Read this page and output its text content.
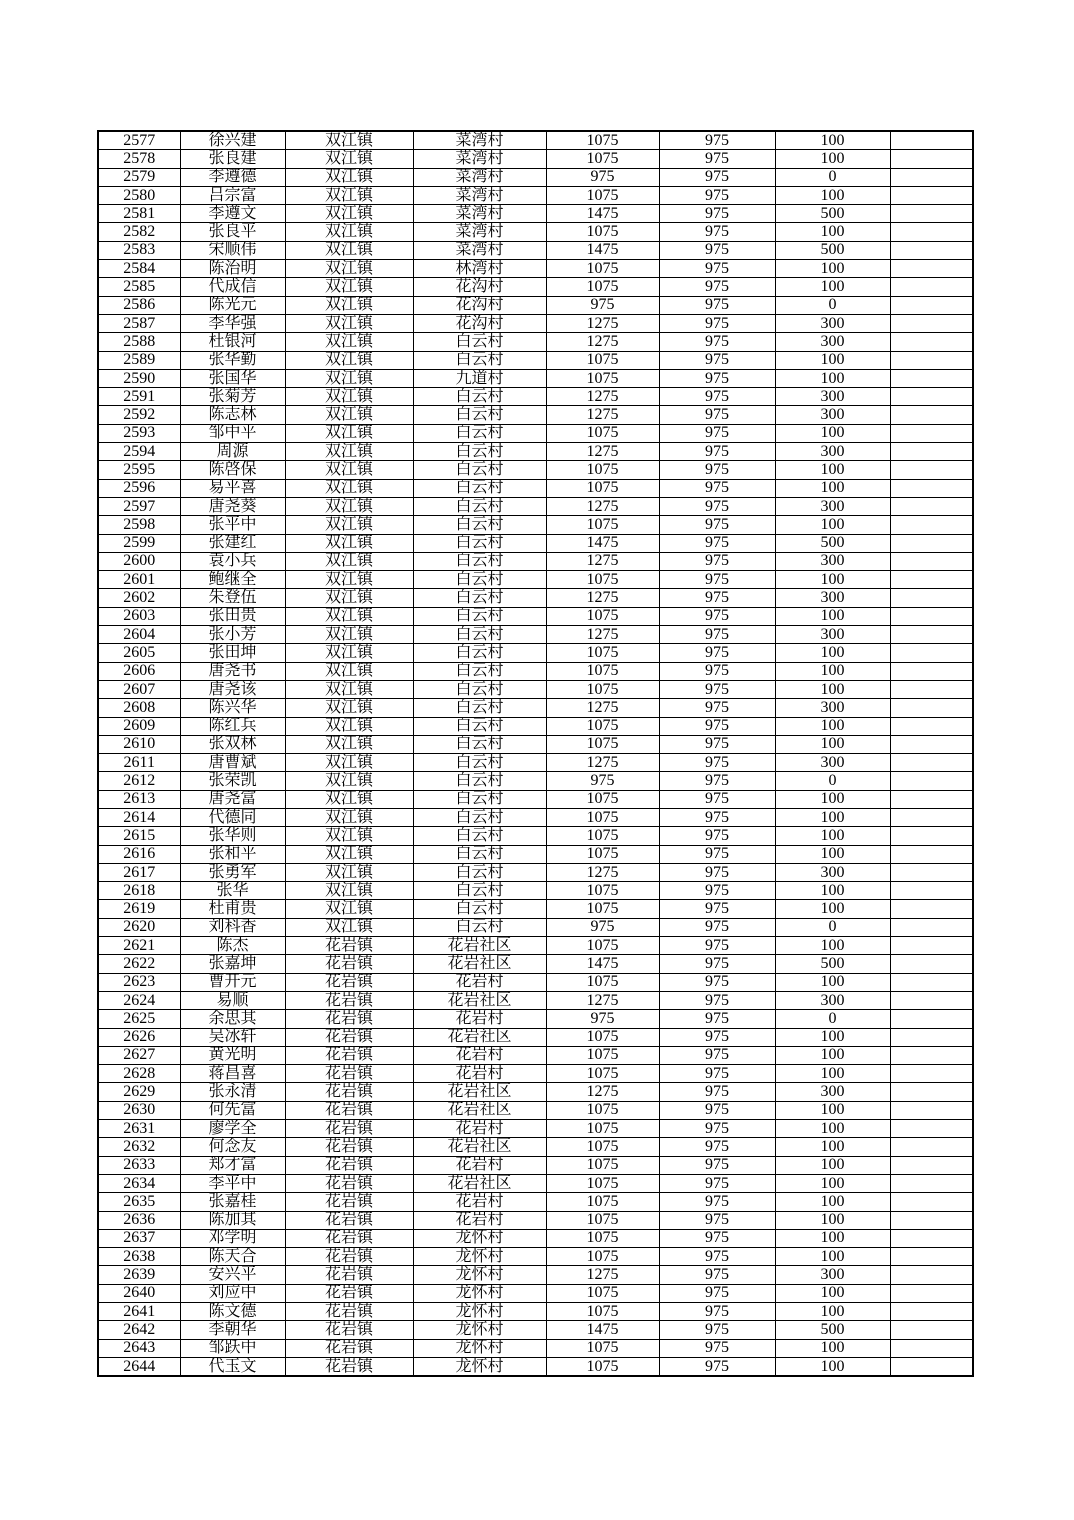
2577	徐兴建	双江镇	菜湾村	1075	975	100	
2578	张良建	双江镇	菜湾村	1075	975	100	
2579	李遵德	双江镇	菜湾村	975	975	0	
2580	吕宗富	双江镇	菜湾村	1075	975	100	
2581	李遵文	双江镇	菜湾村	1475	975	500	
2582	张良平	双江镇	菜湾村	1075	975	100	
2583	宋顺伟	双江镇	菜湾村	1475	975	500	
2584	陈治明	双江镇	林湾村	1075	975	100	
2585	代成信	双江镇	花沟村	1075	975	100	
2586	陈光元	双江镇	花沟村	975	975	0	
2587	李华强	双江镇	花沟村	1275	975	300	
2588	杜银河	双江镇	白云村	1275	975	300	
2589	张华勤	双江镇	白云村	1075	975	100	
2590	张国华	双江镇	九道村	1075	975	100	
2591	张菊芳	双江镇	白云村	1275	975	300	
2592	陈志林	双江镇	白云村	1275	975	300	
2593	邹中平	双江镇	白云村	1075	975	100	
2594	周源	双江镇	白云村	1275	975	300	
2595	陈啓保	双江镇	白云村	1075	975	100	
2596	易平喜	双江镇	白云村	1075	975	100	
2597	唐尧葵	双江镇	白云村	1275	975	300	
2598	张平中	双江镇	白云村	1075	975	100	
2599	张建红	双江镇	白云村	1475	975	500	
2600	袁小兵	双江镇	白云村	1275	975	300	
2601	鲍继全	双江镇	白云村	1075	975	100	
2602	朱登伍	双江镇	白云村	1275	975	300	
2603	张田贵	双江镇	白云村	1075	975	100	
2604	张小芳	双江镇	白云村	1275	975	300	
2605	张田坤	双江镇	白云村	1075	975	100	
2606	唐尧书	双江镇	白云村	1075	975	100	
2607	唐尧该	双江镇	白云村	1075	975	100	
2608	陈兴华	双江镇	白云村	1275	975	300	
2609	陈红兵	双江镇	白云村	1075	975	100	
2610	张双林	双江镇	白云村	1075	975	100	
2611	唐曹斌	双江镇	白云村	1275	975	300	
2612	张荣凯	双江镇	白云村	975	975	0	
2613	唐尧富	双江镇	白云村	1075	975	100	
2614	代德同	双江镇	白云村	1075	975	100	
2615	张华则	双江镇	白云村	1075	975	100	
2616	张和平	双江镇	白云村	1075	975	100	
2617	张勇军	双江镇	白云村	1275	975	300	
2618	张华	双江镇	白云村	1075	975	100	
2619	杜甫贵	双江镇	白云村	1075	975	100	
2620	刘科香	双江镇	白云村	975	975	0	
2621	陈杰	花岩镇	花岩社区	1075	975	100	
2622	张嘉坤	花岩镇	花岩社区	1475	975	500	
2623	曹开元	花岩镇	花岩村	1075	975	100	
2624	易顺	花岩镇	花岩社区	1275	975	300	
2625	余思其	花岩镇	花岩村	975	975	0	
2626	吴冰轩	花岩镇	花岩社区	1075	975	100	
2627	黄光明	花岩镇	花岩村	1075	975	100	
2628	蒋昌喜	花岩镇	花岩村	1075	975	100	
2629	张永清	花岩镇	花岩社区	1275	975	300	
2630	何先富	花岩镇	花岩社区	1075	975	100	
2631	廖学全	花岩镇	花岩村	1075	975	100	
2632	何念友	花岩镇	花岩社区	1075	975	100	
2633	郑才富	花岩镇	花岩村	1075	975	100	
2634	李平中	花岩镇	花岩社区	1075	975	100	
2635	张嘉桂	花岩镇	花岩村	1075	975	100	
2636	陈加其	花岩镇	花岩村	1075	975	100	
2637	邓学明	花岩镇	龙怀村	1075	975	100	
2638	陈天合	花岩镇	龙怀村	1075	975	100	
2639	安兴平	花岩镇	龙怀村	1275	975	300	
2640	刘应中	花岩镇	龙怀村	1075	975	100	
2641	陈文德	花岩镇	龙怀村	1075	975	100	
2642	李朝华	花岩镇	龙怀村	1475	975	500	
2643	邹跃中	花岩镇	龙怀村	1075	975	100	
2644	代玉文	花岩镇	龙怀村	1075	975	100	
